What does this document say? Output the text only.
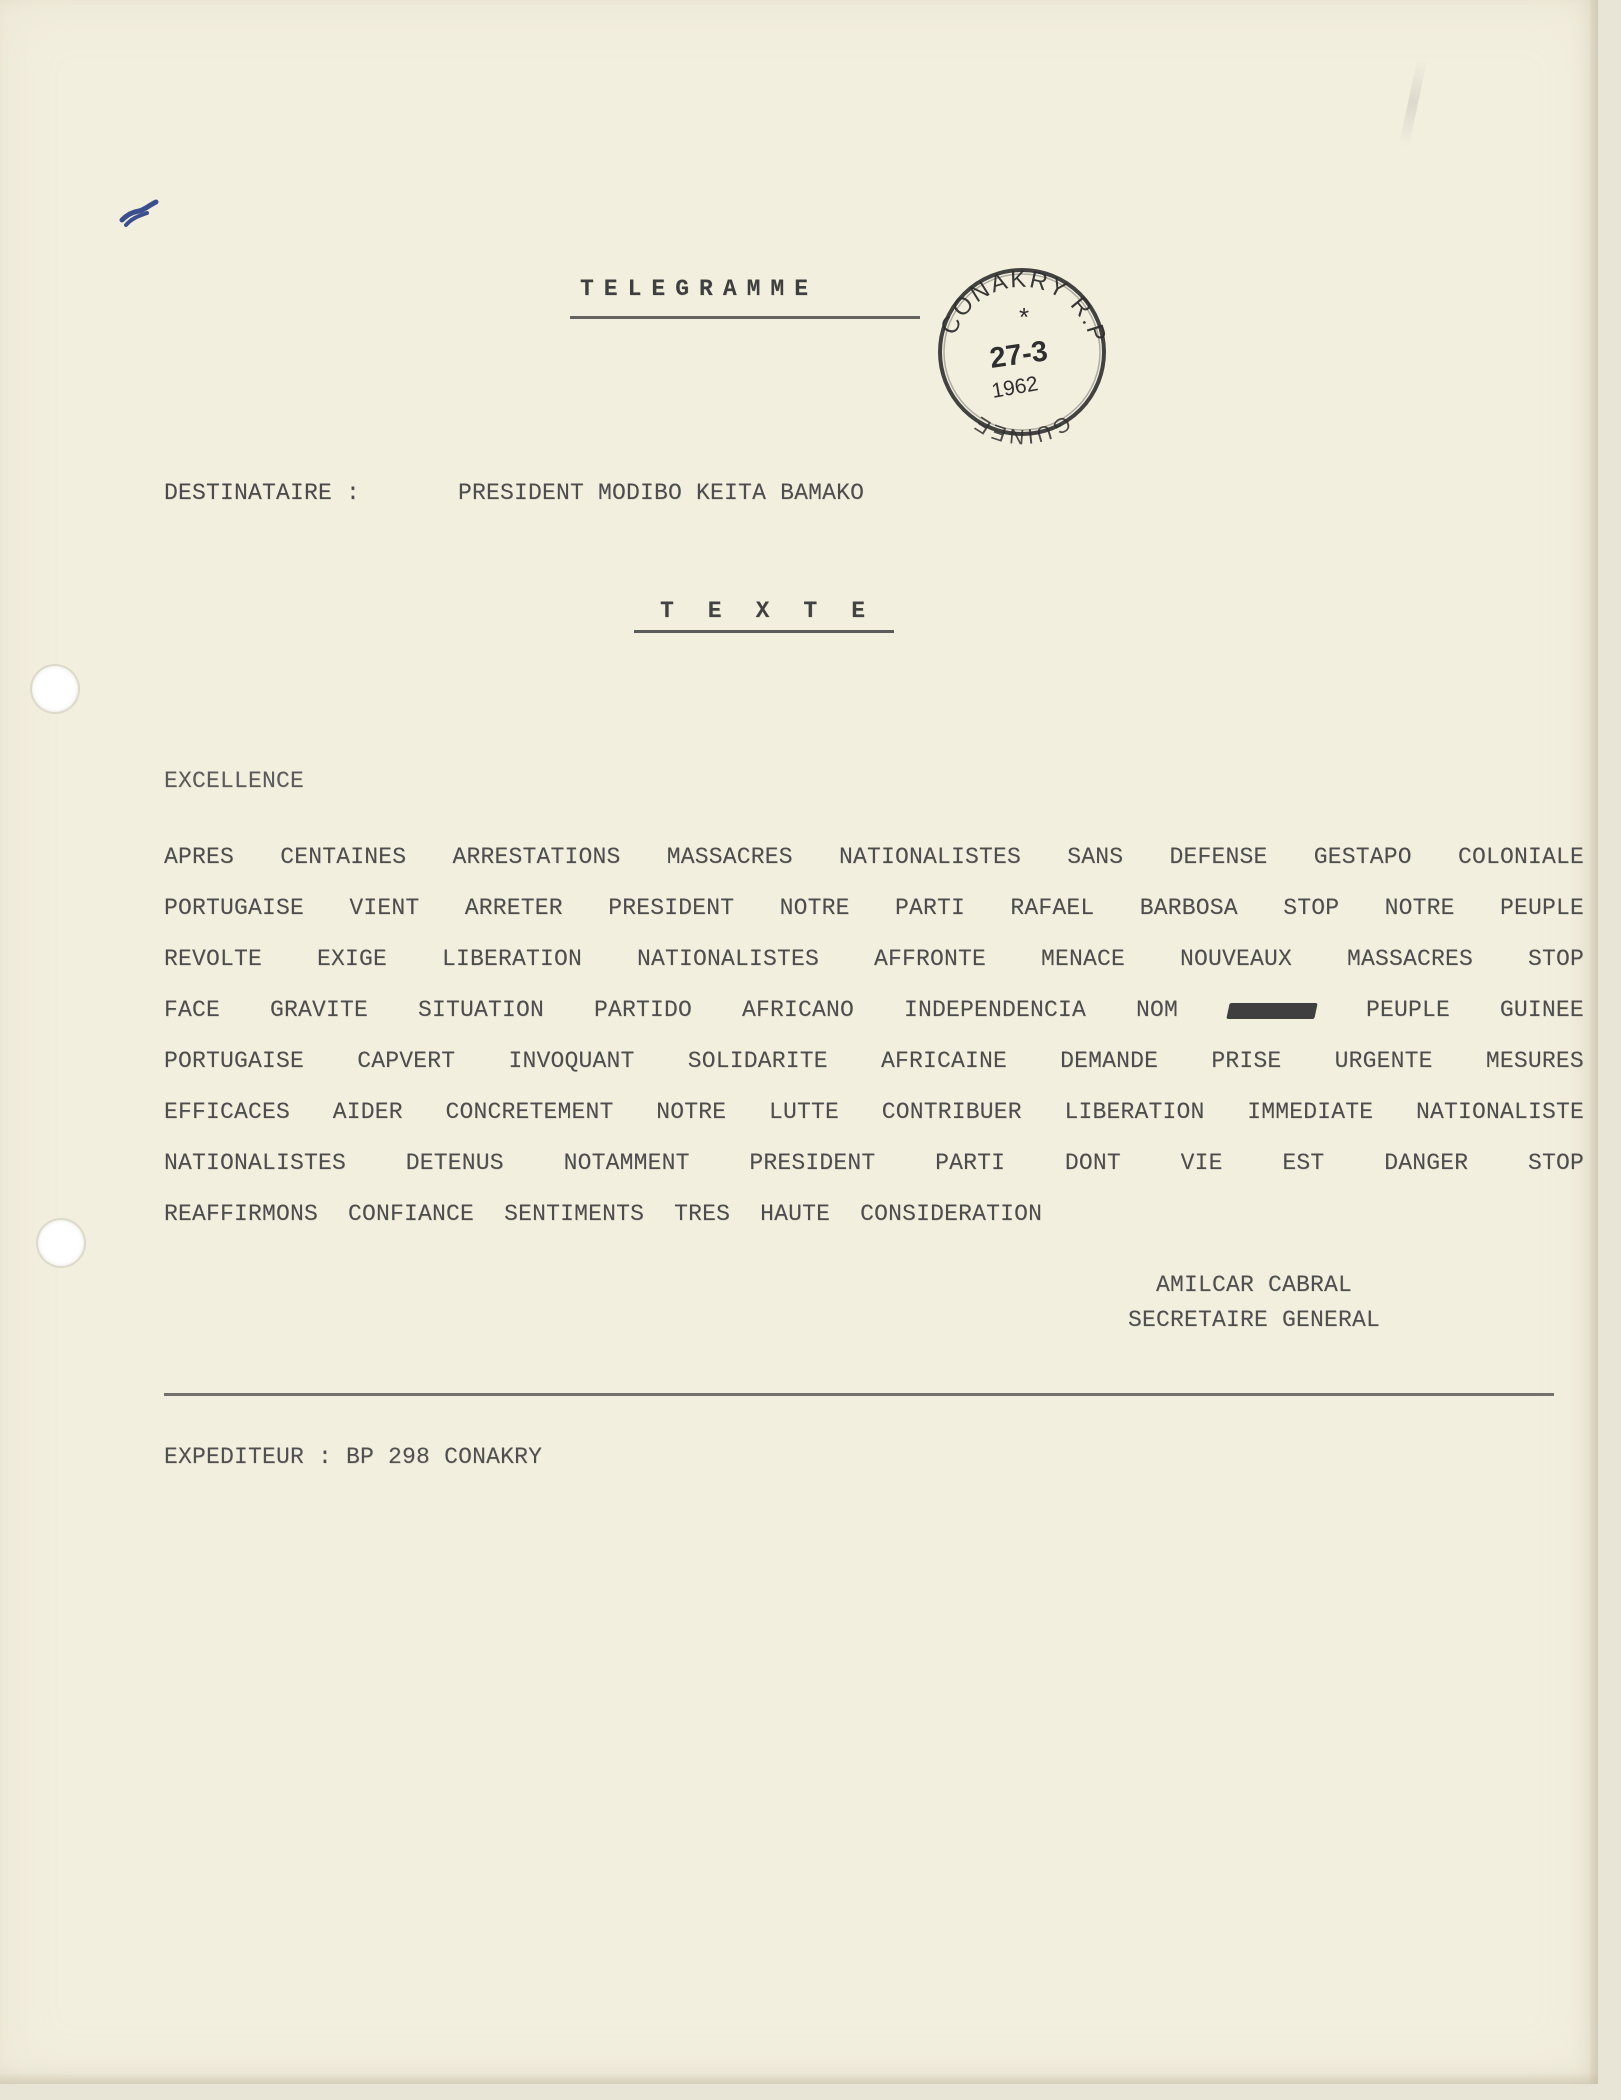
TELEGRAMME
CONAKRY R.P
*
27-3
1962
GUINEE
DESTINATAIRE :	PRESIDENT MODIBO KEITA BAMAKO
TEXTE
EXCELLENCE
APRES CENTAINES ARRESTATIONS MASSACRES NATIONALISTES SANS DEFENSE GESTAPO COLONIALE
PORTUGAISE VIENT ARRETER PRESIDENT NOTRE PARTI RAFAEL BARBOSA STOP NOTRE PEUPLE
REVOLTE EXIGE LIBERATION NATIONALISTES AFFRONTE MENACE NOUVEAUX MASSACRES STOP
FACE GRAVITE SITUATION PARTIDO AFRICANO INDEPENDENCIA NOM	PEUPLE GUINEE
PORTUGAISE CAPVERT INVOQUANT SOLIDARITE AFRICAINE DEMANDE PRISE URGENTE MESURES
EFFICACES AIDER CONCRETEMENT NOTRE LUTTE CONTRIBUER LIBERATION IMMEDIATE NATIONALISTE
NATIONALISTES	DETENUS	NOTAMMENT	PRESIDENT	PARTI	DONT	VIE	EST	DANGER	STOP
REAFFIRMONS CONFIANCE SENTIMENTS TRES HAUTE CONSIDERATION
AMILCAR CABRAL
SECRETAIRE GENERAL
EXPEDITEUR : BP 298 CONAKRY
